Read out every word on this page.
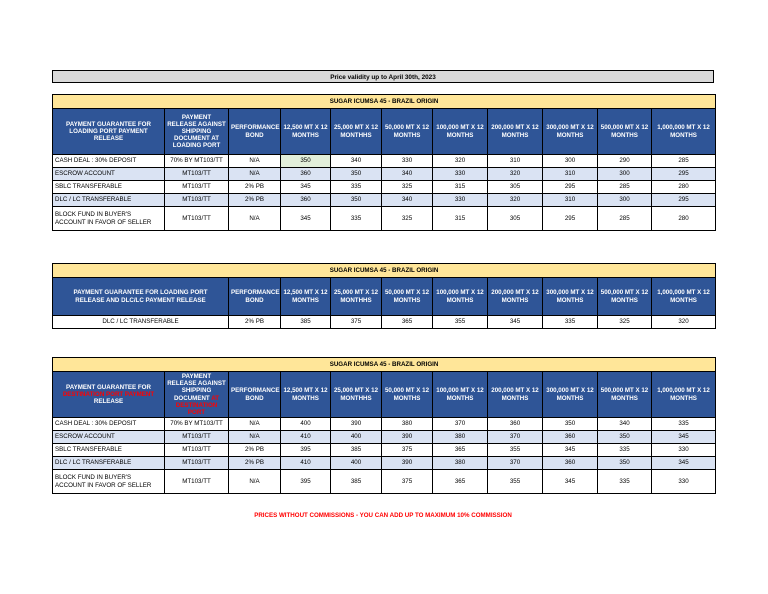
Price validity up to April 30th, 2023
SUGAR ICUMSA 45 - BRAZIL ORIGIN										
PAYMENT GUARANTEE FOR LOADING PORT PAYMENT RELEASE	PAYMENT RELEASE AGAINST SHIPPING DOCUMENT AT LOADING PORT	PERFORMANCE BOND	12,500 MT X 12 MONTHS	25,000 MT X 12 MONTHHS	50,000 MT X 12 MONTHS	100,000 MT X 12 MONTHS	200,000 MT X 12 MONTHS	300,000 MT X 12 MONTHS	500,000 MT X 12 MONTHS	1,000,000 MT X 12 MONTHS
CASH DEAL : 30% DEPOSIT	70% BY MT103/TT	N/A	350	340	330	320	310	300	290	285
ESCROW ACCOUNT	MT103/TT	N/A	360	350	340	330	320	310	300	295
SBLC TRANSFERABLE	MT103/TT	2% PB	345	335	325	315	305	295	285	280
DLC / LC TRANSFERABLE	MT103/TT	2% PB	360	350	340	330	320	310	300	295
BLOCK FUND IN BUYER'S ACCOUNT IN FAVOR OF SELLER	MT103/TT	N/A	345	335	325	315	305	295	285	280
SUGAR ICUMSA 45 - BRAZIL ORIGIN									
PAYMENT GUARANTEE FOR LOADING PORT RELEASE AND DLC/LC PAYMENT RELEASE	PERFORMANCE BOND	12,500 MT X 12 MONTHS	25,000 MT X 12 MONTHHS	50,000 MT X 12 MONTHS	100,000 MT X 12 MONTHS	200,000 MT X 12 MONTHS	300,000 MT X 12 MONTHS	500,000 MT X 12 MONTHS	1,000,000 MT X 12 MONTHS
DLC / LC TRANSFERABLE	2% PB	385	375	365	355	345	335	325	320
SUGAR ICUMSA 45 - BRAZIL ORIGIN										
PAYMENT GUARANTEE FOR DESTINATION PORT PAYMENT RELEASE	PAYMENT RELEASE AGAINST SHIPPING DOCUMENT AT DESTINATION PORT	PERFORMANCE BOND	12,500 MT X 12 MONTHS	25,000 MT X 12 MONTHHS	50,000 MT X 12 MONTHS	100,000 MT X 12 MONTHS	200,000 MT X 12 MONTHS	300,000 MT X 12 MONTHS	500,000 MT X 12 MONTHS	1,000,000 MT X 12 MONTHS
CASH DEAL : 30% DEPOSIT	70% BY MT103/TT	N/A	400	390	380	370	360	350	340	335
ESCROW ACCOUNT	MT103/TT	N/A	410	400	390	380	370	360	350	345
SBLC TRANSFERABLE	MT103/TT	2% PB	395	385	375	365	355	345	335	330
DLC / LC TRANSFERABLE	MT103/TT	2% PB	410	400	390	380	370	360	350	345
BLOCK FUND IN BUYER'S ACCOUNT IN FAVOR OF SELLER	MT103/TT	N/A	395	385	375	365	355	345	335	330
PRICES WITHOUT COMMISSIONS - YOU CAN ADD UP TO MAXIMUM 10% COMMISSION
